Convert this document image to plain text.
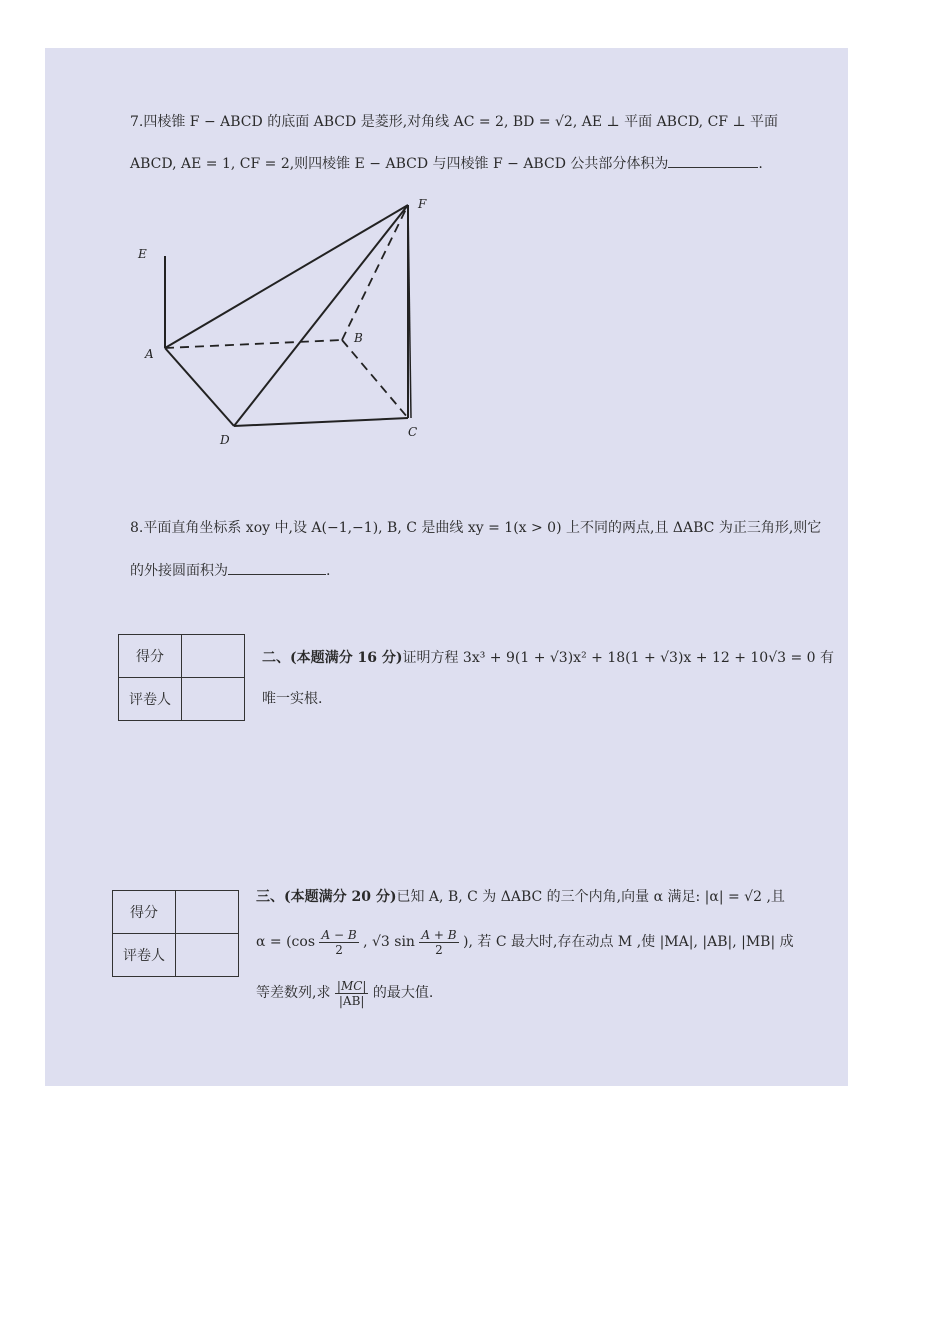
7.四棱锥 F − ABCD 的底面 ABCD 是菱形,对角线 AC = 2, BD = √2, AE ⊥ 平面 ABCD, CF ⊥ 平面
ABCD, AE = 1, CF = 2,则四棱锥 E − ABCD 与四棱锥 F − ABCD 公共部分体积为	.
E
F
A
B
C
D
8.平面直角坐标系 xoy 中,设 A(−1,−1), B, C 是曲线 xy = 1(x > 0) 上不同的两点,且 ΔABC 为正三角形,则它
的外接圆面积为	.
得分	
评卷人	
二、(本题满分 16 分)证明方程 3x³ + 9(1 + √3)x² + 18(1 + √3)x + 12 + 10√3 = 0 有
唯一实根.
得分	
评卷人	
三、(本题满分 20 分)已知 A, B, C 为 ΔABC 的三个内角,向量 α 满足: |α| = √2 ,且
$\alpha = (\cos \frac{A - B}{2}$ , √3 $\sin \frac{A + B}{2}$ ), 若 C 最大时,存在动点 M ,使 |MA|, |AB|, |MB| 成
等差数列,求 $\frac{|MC|}{|AB|}$ 的最大值.
